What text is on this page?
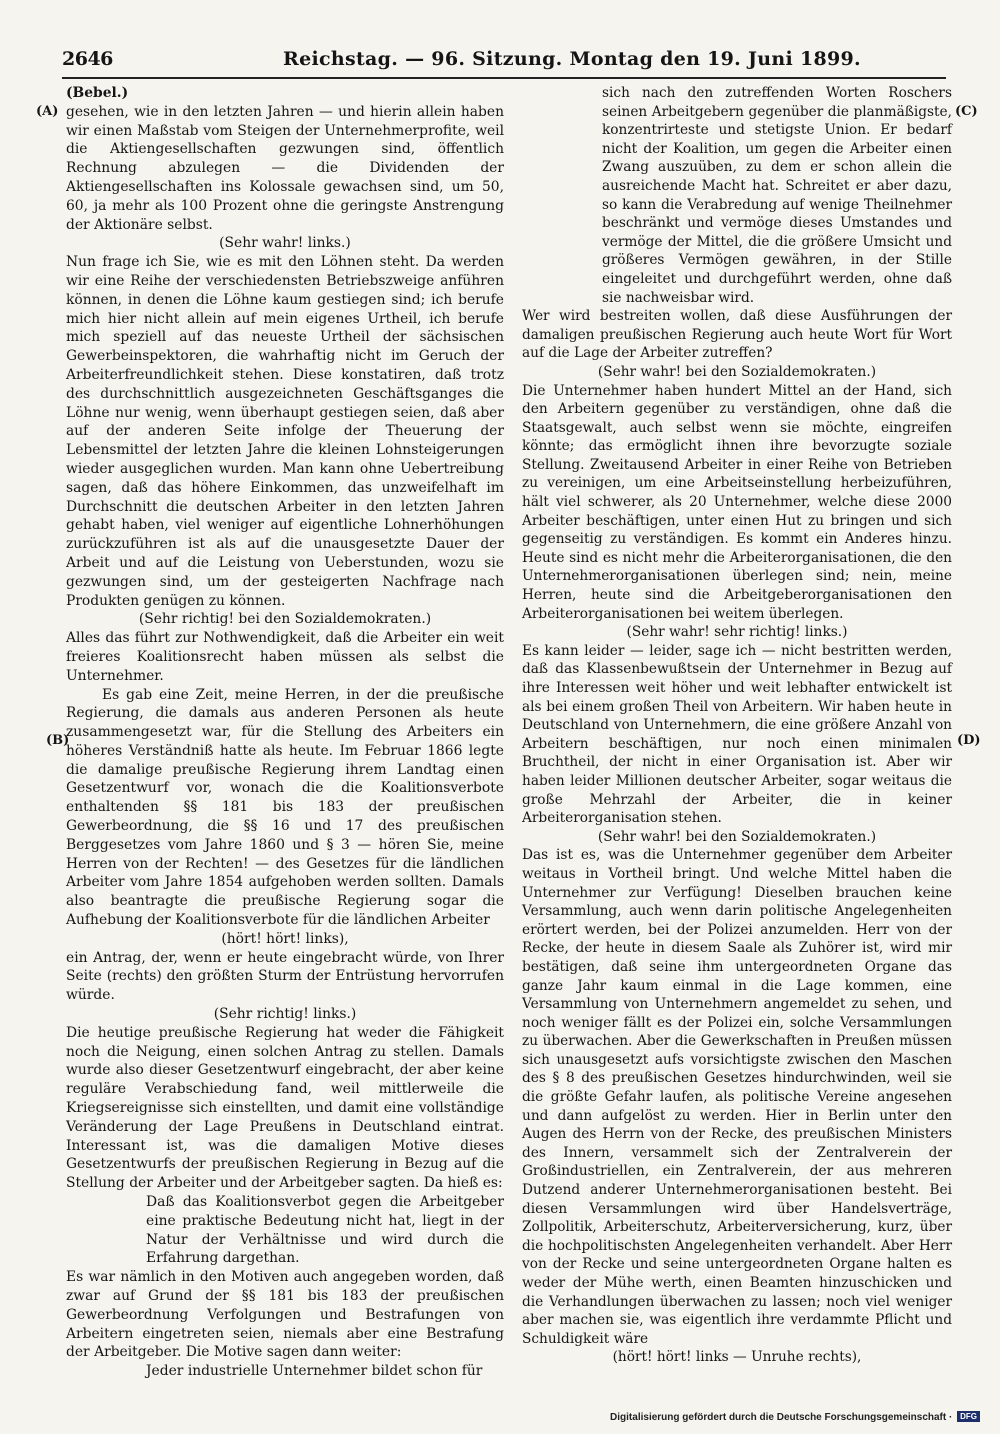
2646	Reichstag. — 96. Sitzung. Montag den 19. Juni 1899.
(A)
(B)
(C)
(D)

(Bebel.)

gesehen, wie in den letzten Jahren — und hierin allein haben wir einen Maßstab vom Steigen der Unternehmerprofite, weil die Aktiengesellschaften gezwungen sind, öffentlich Rechnung abzulegen — die Dividenden der Aktiengesellschaften ins Kolossale gewachsen sind, um 50, 60, ja mehr als 100 Prozent ohne die geringste Anstrengung der Aktionäre selbst.

(Sehr wahr! links.)

Nun frage ich Sie, wie es mit den Löhnen steht. Da werden wir eine Reihe der verschiedensten Betriebszweige anführen können, in denen die Löhne kaum gestiegen sind; ich berufe mich hier nicht allein auf mein eigenes Urtheil, ich berufe mich speziell auf das neueste Urtheil der sächsischen Gewerbeinspektoren, die wahrhaftig nicht im Geruch der Arbeiterfreundlichkeit stehen. Diese konstatiren, daß trotz des durchschnittlich ausgezeichneten Geschäftsganges die Löhne nur wenig, wenn überhaupt gestiegen seien, daß aber auf der anderen Seite infolge der Theuerung der Lebensmittel der letzten Jahre die kleinen Lohnsteigerungen wieder ausgeglichen wurden. Man kann ohne Uebertreibung sagen, daß das höhere Einkommen, das unzweifelhaft im Durchschnitt die deutschen Arbeiter in den letzten Jahren gehabt haben, viel weniger auf eigentliche Lohnerhöhungen zurückzuführen ist als auf die unausgesetzte Dauer der Arbeit und auf die Leistung von Ueberstunden, wozu sie gezwungen sind, um der gesteigerten Nachfrage nach Produkten genügen zu können.

(Sehr richtig! bei den Sozialdemokraten.)

Alles das führt zur Nothwendigkeit, daß die Arbeiter ein weit freieres Koalitionsrecht haben müssen als selbst die Unternehmer.

Es gab eine Zeit, meine Herren, in der die preußische Regierung, die damals aus anderen Personen als heute zusammengesetzt war, für die Stellung des Arbeiters ein höheres Verständniß hatte als heute. Im Februar 1866 legte die damalige preußische Regierung ihrem Landtag einen Gesetzentwurf vor, wonach die die Koalitionsverbote enthaltenden §§ 181 bis 183 der preußischen Gewerbeordnung, die §§ 16 und 17 des preußischen Berggesetzes vom Jahre 1860 und § 3 — hören Sie, meine Herren von der Rechten! — des Gesetzes für die ländlichen Arbeiter vom Jahre 1854 aufgehoben werden sollten. Damals also beantragte die preußische Regierung sogar die Aufhebung der Koalitionsverbote für die ländlichen Arbeiter

(hört! hört! links),

ein Antrag, der, wenn er heute eingebracht würde, von Ihrer Seite (rechts) den größten Sturm der Entrüstung hervorrufen würde.

(Sehr richtig! links.)

Die heutige preußische Regierung hat weder die Fähigkeit noch die Neigung, einen solchen Antrag zu stellen. Damals wurde also dieser Gesetzentwurf eingebracht, der aber keine reguläre Verabschiedung fand, weil mittlerweile die Kriegsereignisse sich einstellten, und damit eine vollständige Veränderung der Lage Preußens in Deutschland eintrat. Interessant ist, was die damaligen Motive dieses Gesetzentwurfs der preußischen Regierung in Bezug auf die Stellung der Arbeiter und der Arbeitgeber sagten. Da hieß es:

Daß das Koalitionsverbot gegen die Arbeitgeber eine praktische Bedeutung nicht hat, liegt in der Natur der Verhältnisse und wird durch die Erfahrung dargethan.

Es war nämlich in den Motiven auch angegeben worden, daß zwar auf Grund der §§ 181 bis 183 der preußischen Gewerbeordnung Verfolgungen und Bestrafungen von Arbeitern eingetreten seien, niemals aber eine Bestrafung der Arbeitgeber. Die Motive sagen dann weiter:

Jeder industrielle Unternehmer bildet schon für

sich nach den zutreffenden Worten Roschers seinen Arbeitgebern gegenüber die planmäßigste, konzentrirteste und stetigste Union. Er bedarf nicht der Koalition, um gegen die Arbeiter einen Zwang auszuüben, zu dem er schon allein die ausreichende Macht hat. Schreitet er aber dazu, so kann die Verabredung auf wenige Theilnehmer beschränkt und vermöge dieses Umstandes und vermöge der Mittel, die die größere Umsicht und größeres Vermögen gewähren, in der Stille eingeleitet und durchgeführt werden, ohne daß sie nachweisbar wird.

Wer wird bestreiten wollen, daß diese Ausführungen der damaligen preußischen Regierung auch heute Wort für Wort auf die Lage der Arbeiter zutreffen?

(Sehr wahr! bei den Sozialdemokraten.)

Die Unternehmer haben hundert Mittel an der Hand, sich den Arbeitern gegenüber zu verständigen, ohne daß die Staatsgewalt, auch selbst wenn sie möchte, eingreifen könnte; das ermöglicht ihnen ihre bevorzugte soziale Stellung. Zweitausend Arbeiter in einer Reihe von Betrieben zu vereinigen, um eine Arbeitseinstellung herbeizuführen, hält viel schwerer, als 20 Unternehmer, welche diese 2000 Arbeiter beschäftigen, unter einen Hut zu bringen und sich gegenseitig zu verständigen. Es kommt ein Anderes hinzu. Heute sind es nicht mehr die Arbeiterorganisationen, die den Unternehmerorganisationen überlegen sind; nein, meine Herren, heute sind die Arbeitgeberorganisationen den Arbeiterorganisationen bei weitem überlegen.

(Sehr wahr! sehr richtig! links.)

Es kann leider — leider, sage ich — nicht bestritten werden, daß das Klassenbewußtsein der Unternehmer in Bezug auf ihre Interessen weit höher und weit lebhafter entwickelt ist als bei einem großen Theil von Arbeitern. Wir haben heute in Deutschland von Unternehmern, die eine größere Anzahl von Arbeitern beschäftigen, nur noch einen minimalen Bruchtheil, der nicht in einer Organisation ist. Aber wir haben leider Millionen deutscher Arbeiter, sogar weitaus die große Mehrzahl der Arbeiter, die in keiner Arbeiterorganisation stehen.

(Sehr wahr! bei den Sozialdemokraten.)

Das ist es, was die Unternehmer gegenüber dem Arbeiter weitaus in Vortheil bringt. Und welche Mittel haben die Unternehmer zur Verfügung! Dieselben brauchen keine Versammlung, auch wenn darin politische Angelegenheiten erörtert werden, bei der Polizei anzumelden. Herr von der Recke, der heute in diesem Saale als Zuhörer ist, wird mir bestätigen, daß seine ihm untergeordneten Organe das ganze Jahr kaum einmal in die Lage kommen, eine Versammlung von Unternehmern angemeldet zu sehen, und noch weniger fällt es der Polizei ein, solche Versammlungen zu überwachen. Aber die Gewerkschaften in Preußen müssen sich unausgesetzt aufs vorsichtigste zwischen den Maschen des § 8 des preußischen Gesetzes hindurchwinden, weil sie die größte Gefahr laufen, als politische Vereine angesehen und dann aufgelöst zu werden. Hier in Berlin unter den Augen des Herrn von der Recke, des preußischen Ministers des Innern, versammelt sich der Zentralverein der Großindustriellen, ein Zentralverein, der aus mehreren Dutzend anderer Unternehmerorganisationen besteht. Bei diesen Versammlungen wird über Handelsverträge, Zollpolitik, Arbeiterschutz, Arbeiterversicherung, kurz, über die hochpolitischsten Angelegenheiten verhandelt. Aber Herr von der Recke und seine untergeordneten Organe halten es weder der Mühe werth, einen Beamten hinzuschicken und die Verhandlungen überwachen zu lassen; noch viel weniger aber machen sie, was eigentlich ihre verdammte Pflicht und Schuldigkeit wäre

(hört! hört! links — Unruhe rechts),

Digitalisierung gefördert durch die Deutsche Forschungsgemeinschaft · DFG
